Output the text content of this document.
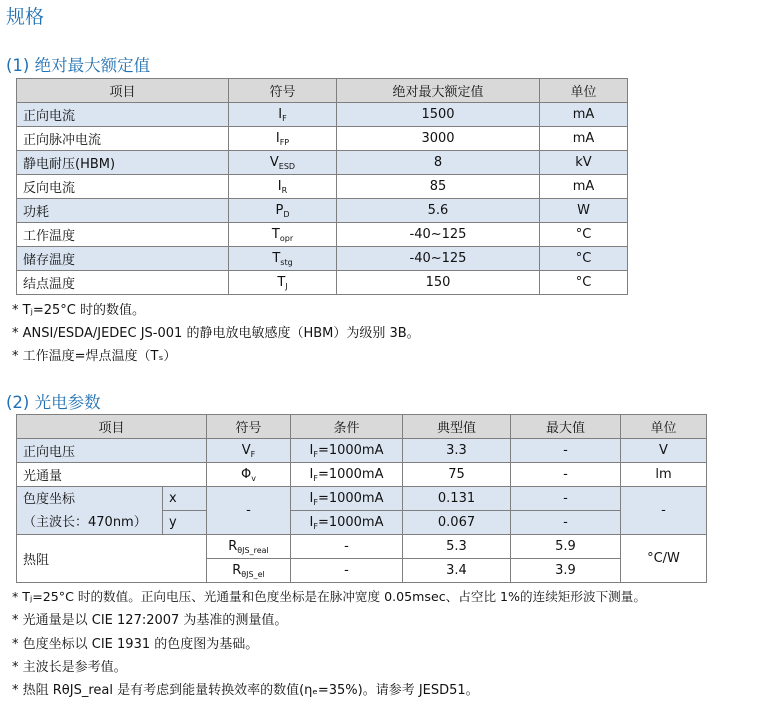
规格
(1) 绝对最大额定值
项目	符号	绝对最大额定值	单位
正向电流	$I_F$	1500	mA
正向脉冲电流	$I_{FP}$	3000	mA
静电耐压(HBM)	$V_{ESD}$	8	kV
反向电流	$I_R$	85	mA
功耗	$P_D$	5.6	W
工作温度	$T_{opr}$	-40~125	°C
储存温度	$T_{stg}$	-40~125	°C
结点温度	$T_J$	150	°C
* Tⱼ=25°C 时的数值。
* ANSI/ESDA/JEDEC JS-001 的静电放电敏感度（HBM）为级别 3B。
* 工作温度=焊点温度（Tₛ）
(2) 光电参数
项目		符号	条件	典型值	最大值	单位
正向电压		$V_F$	$I_F=1000mA$	3.3	-	V
光通量		$\Phi_v$	$I_F=1000mA$	75	-	lm

色度坐标
（主波长：470nm）	x	-	$I_F=1000mA$	0.131	-	-
	y		$I_F=1000mA$	0.067	-	
热阻		$R_{\theta JS\_real}$	-	5.3	5.9	°C/W
		$R_{\theta JS\_el}$	-	3.4	3.9	
* Tⱼ=25°C 时的数值。正向电压、光通量和色度坐标是在脉冲宽度 0.05msec、占空比 1%的连续矩形波下测量。
* 光通量是以 CIE 127:2007 为基准的测量值。
* 色度坐标以 CIE 1931 的色度图为基础。
* 主波长是参考值。
* 热阻 RθJS_real 是有考虑到能量转换效率的数值(ηₑ=35%)。请参考 JESD51。
